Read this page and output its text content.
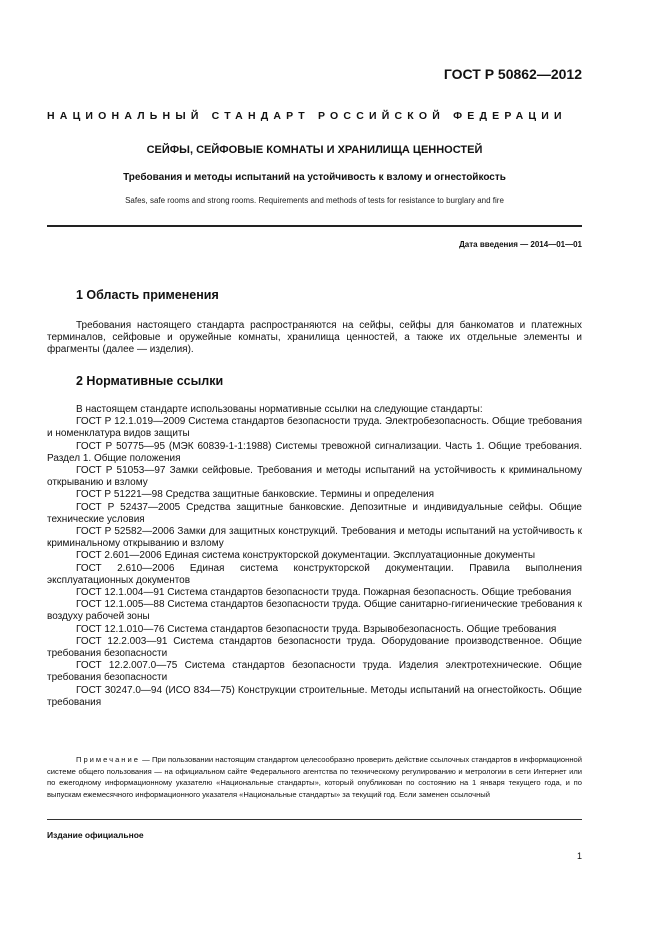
ГОСТ Р 50862—2012
НАЦИОНАЛЬНЫЙ СТАНДАРТ РОССИЙСКОЙ ФЕДЕРАЦИИ
СЕЙФЫ, СЕЙФОВЫЕ КОМНАТЫ И ХРАНИЛИЩА ЦЕННОСТЕЙ
Требования и методы испытаний на устойчивость к взлому и огнестойкость
Safes, safe rooms and strong rooms. Requirements and methods of tests for resistance to burglary and fire
Дата введения — 2014—01—01
1 Область применения
Требования настоящего стандарта распространяются на сейфы, сейфы для банкоматов и платежных терминалов, сейфовые и оружейные комнаты, хранилища ценностей, а также их отдельные элементы и фрагменты (далее — изделия).
2 Нормативные ссылки
В настоящем стандарте использованы нормативные ссылки на следующие стандарты:
ГОСТ Р 12.1.019—2009 Система стандартов безопасности труда. Электробезопасность. Общие требования и номенклатура видов защиты
ГОСТ Р 50775—95 (МЭК 60839-1-1:1988) Системы тревожной сигнализации. Часть 1. Общие требования. Раздел 1. Общие положения
ГОСТ Р 51053—97 Замки сейфовые. Требования и методы испытаний на устойчивость к криминальному открыванию и взлому
ГОСТ Р 51221—98 Средства защитные банковские. Термины и определения
ГОСТ Р 52437—2005 Средства защитные банковские. Депозитные и индивидуальные сейфы. Общие технические условия
ГОСТ Р 52582—2006 Замки для защитных конструкций. Требования и методы испытаний на устойчивость к криминальному открыванию и взлому
ГОСТ 2.601—2006 Единая система конструкторской документации. Эксплуатационные документы
ГОСТ 2.610—2006 Единая система конструкторской документации. Правила выполнения эксплуатационных документов
ГОСТ 12.1.004—91 Система стандартов безопасности труда. Пожарная безопасность. Общие требования
ГОСТ 12.1.005—88 Система стандартов безопасности труда. Общие санитарно-гигиенические требования к воздуху рабочей зоны
ГОСТ 12.1.010—76 Система стандартов безопасности труда. Взрывобезопасность. Общие требования
ГОСТ 12.2.003—91 Система стандартов безопасности труда. Оборудование производственное. Общие требования безопасности
ГОСТ 12.2.007.0—75 Система стандартов безопасности труда. Изделия электротехнические. Общие требования безопасности
ГОСТ 30247.0—94 (ИСО 834—75) Конструкции строительные. Методы испытаний на огнестойкость. Общие требования
Примечание — При пользовании настоящим стандартом целесообразно проверить действие ссылочных стандартов в информационной системе общего пользования — на официальном сайте Федерального агентства по техническому регулированию и метрологии в сети Интернет или по ежегодному информационному указателю «Национальные стандарты», который опубликован по состоянию на 1 января текущего года, и по выпускам ежемесячного информационного указателя «Национальные стандарты» за текущий год. Если заменен ссылочный
Издание официальное
1
